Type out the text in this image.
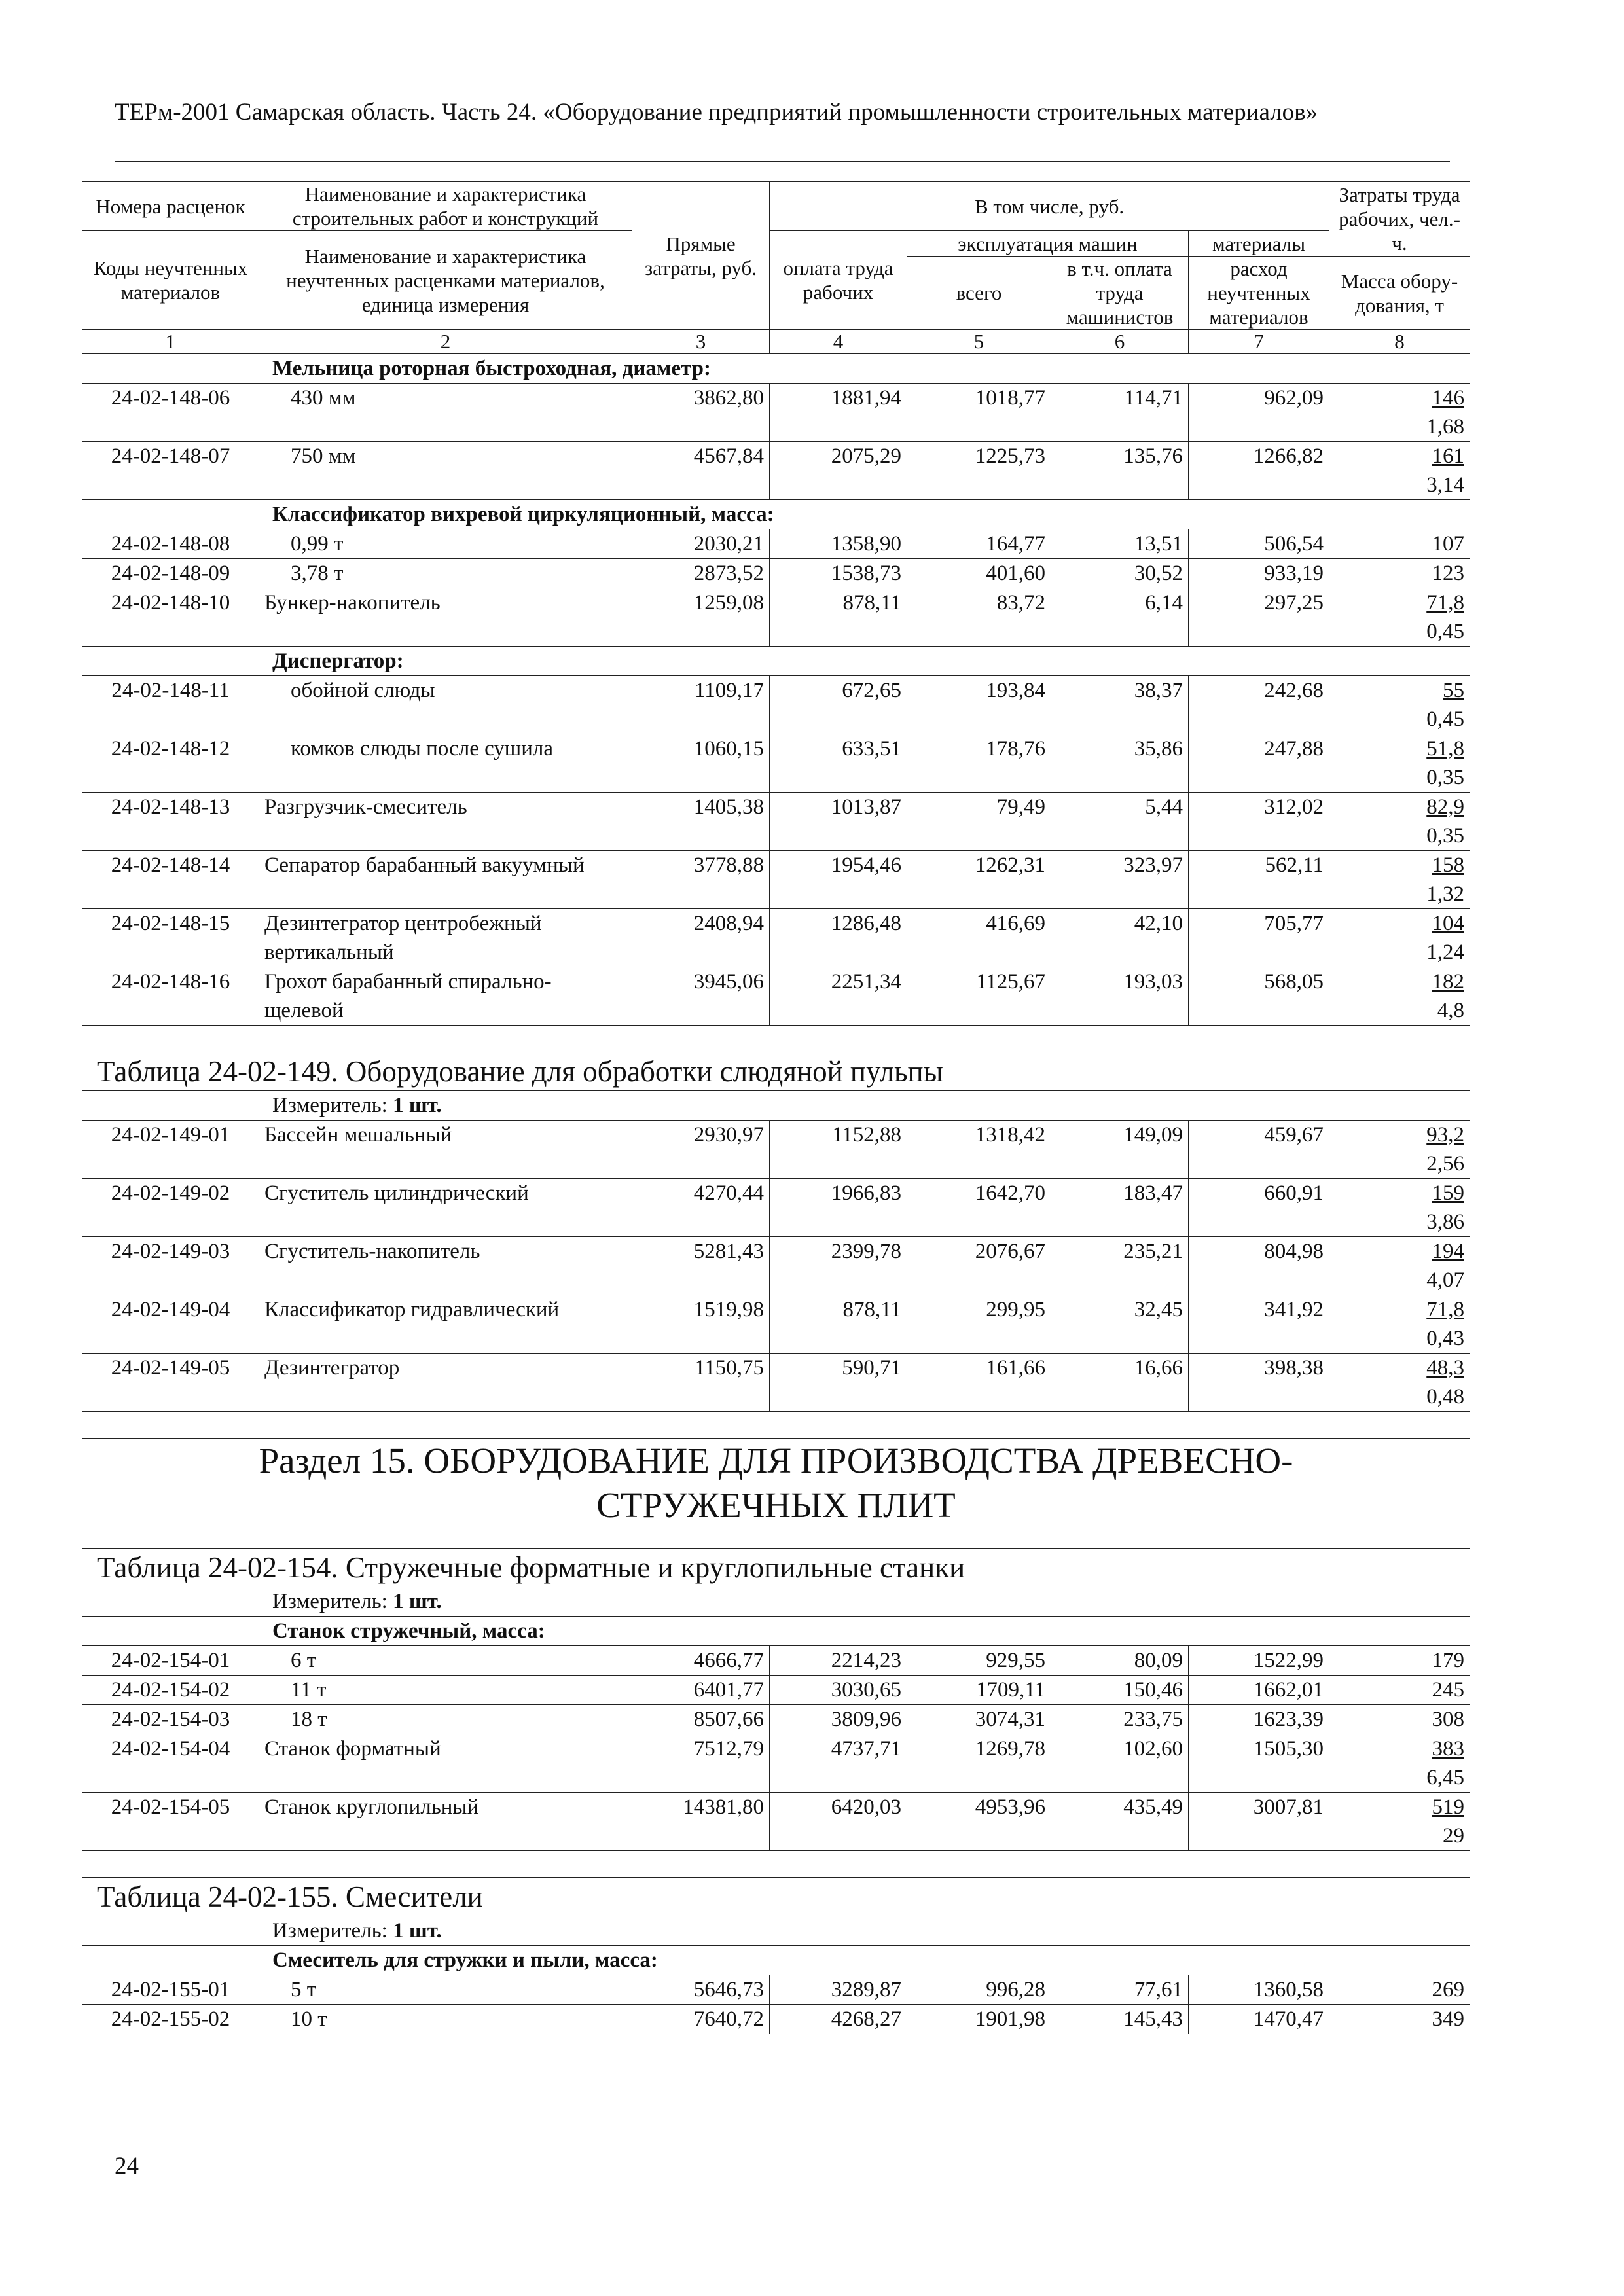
ТЕРм-2001 Самарская область. Часть 24. «Оборудование предприятий промышленности строительных материалов»
Номера расценок	Наименование и характеристика строительных работ и конструкций	Прямые затраты, руб.	В том числе, руб.				Затраты труда рабочих, чел.-ч.
Коды неучтенных материалов	Наименование и характеристика неучтенных расценками материалов, единица измерения		оплата труда рабочих	эксплуатация машин		материалы	
				всего	в т.ч. оплата труда машинистов	расход неучтенных материалов	
							Масса обору-дования, т
1	2	3	4	5	6	7	8
Мельница роторная быстроходная, диаметр:							
24-02-148-06	430 мм	3862,80	1881,94	1018,77	114,71	962,09	146
1,68

24-02-148-07	750 мм	4567,84	2075,29	1225,73	135,76	1266,82	161
3,14

Классификатор вихревой циркуляционный, масса:							
24-02-148-08	0,99 т	2030,21	1358,90	164,77	13,51	506,54	107

24-02-148-09	3,78 т	2873,52	1538,73	401,60	30,52	933,19	123

24-02-148-10	Бункер-накопитель	1259,08	878,11	83,72	6,14	297,25	71,8
0,45

Диспергатор:							
24-02-148-11	обойной слюды	1109,17	672,65	193,84	38,37	242,68	55
0,45

24-02-148-12	комков слюды после сушила	1060,15	633,51	178,76	35,86	247,88	51,8
0,35

24-02-148-13	Разгрузчик-смеситель	1405,38	1013,87	79,49	5,44	312,02	82,9
0,35

24-02-148-14	Сепаратор барабанный вакуумный	3778,88	1954,46	1262,31	323,97	562,11	158
1,32

24-02-148-15	Дезинтегратор центробежный вертикальный	2408,94	1286,48	416,69	42,10	705,77	104
1,24

24-02-148-16	Грохот барабанный спирально-щелевой	3945,06	2251,34	1125,67	193,03	568,05	182
4,8

Таблица 24-02-149. Оборудование для обработки слюдяной пульпы							
Измеритель: 1 шт.							
24-02-149-01	Бассейн мешальный	2930,97	1152,88	1318,42	149,09	459,67	93,2
2,56

24-02-149-02	Сгуститель цилиндрический	4270,44	1966,83	1642,70	183,47	660,91	159
3,86

24-02-149-03	Сгуститель-накопитель	5281,43	2399,78	2076,67	235,21	804,98	194
4,07

24-02-149-04	Классификатор гидравлический	1519,98	878,11	299,95	32,45	341,92	71,8
0,43

24-02-149-05	Дезинтегратор	1150,75	590,71	161,66	16,66	398,38	48,3
0,48

Раздел 15. ОБОРУДОВАНИЕ ДЛЯ ПРОИЗВОДСТВА ДРЕВЕСНО-
СТРУЖЕЧНЫХ ПЛИТ							

Таблица 24-02-154. Стружечные форматные и круглопильные станки							
Измеритель: 1 шт.							
Станок стружечный, масса:							
24-02-154-01	6 т	4666,77	2214,23	929,55	80,09	1522,99	179

24-02-154-02	11 т	6401,77	3030,65	1709,11	150,46	1662,01	245

24-02-154-03	18 т	8507,66	3809,96	3074,31	233,75	1623,39	308

24-02-154-04	Станок форматный	7512,79	4737,71	1269,78	102,60	1505,30	383
6,45

24-02-154-05	Станок круглопильный	14381,80	6420,03	4953,96	435,49	3007,81	519
29

Таблица 24-02-155. Смесители							
Измеритель: 1 шт.							
Смеситель для стружки и пыли, масса:							
24-02-155-01	5 т	5646,73	3289,87	996,28	77,61	1360,58	269

24-02-155-02	10 т	7640,72	4268,27	1901,98	145,43	1470,47	349
24
